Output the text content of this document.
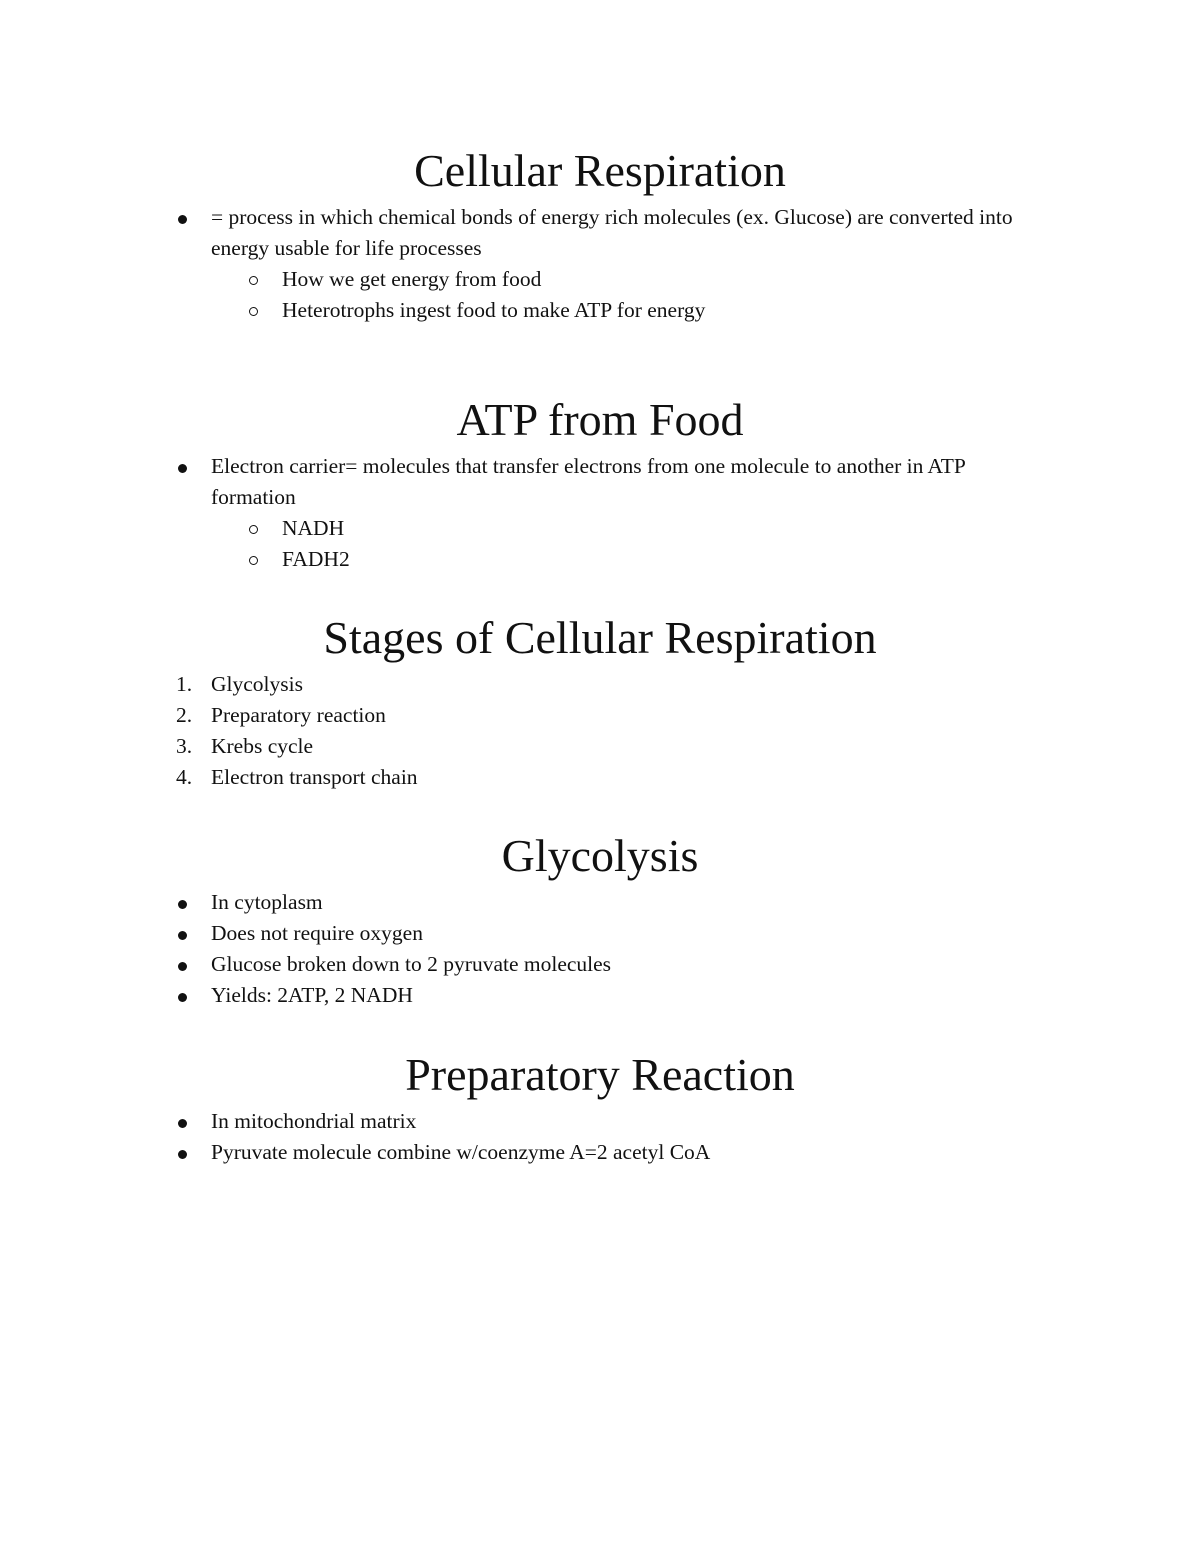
Cellular Respiration
= process in which chemical bonds of energy rich molecules (ex. Glucose) are converted into energy usable for life processes
How we get energy from food
Heterotrophs ingest food to make ATP for energy
ATP from Food
Electron carrier= molecules that transfer electrons from one molecule to another in ATP formation
NADH
FADH2
Stages of Cellular Respiration
1. Glycolysis
2. Preparatory reaction
3. Krebs cycle
4. Electron transport chain
Glycolysis
In cytoplasm
Does not require oxygen
Glucose broken down to 2 pyruvate molecules
Yields: 2ATP, 2 NADH
Preparatory Reaction
In mitochondrial matrix
Pyruvate molecule combine w/coenzyme A=2 acetyl CoA
